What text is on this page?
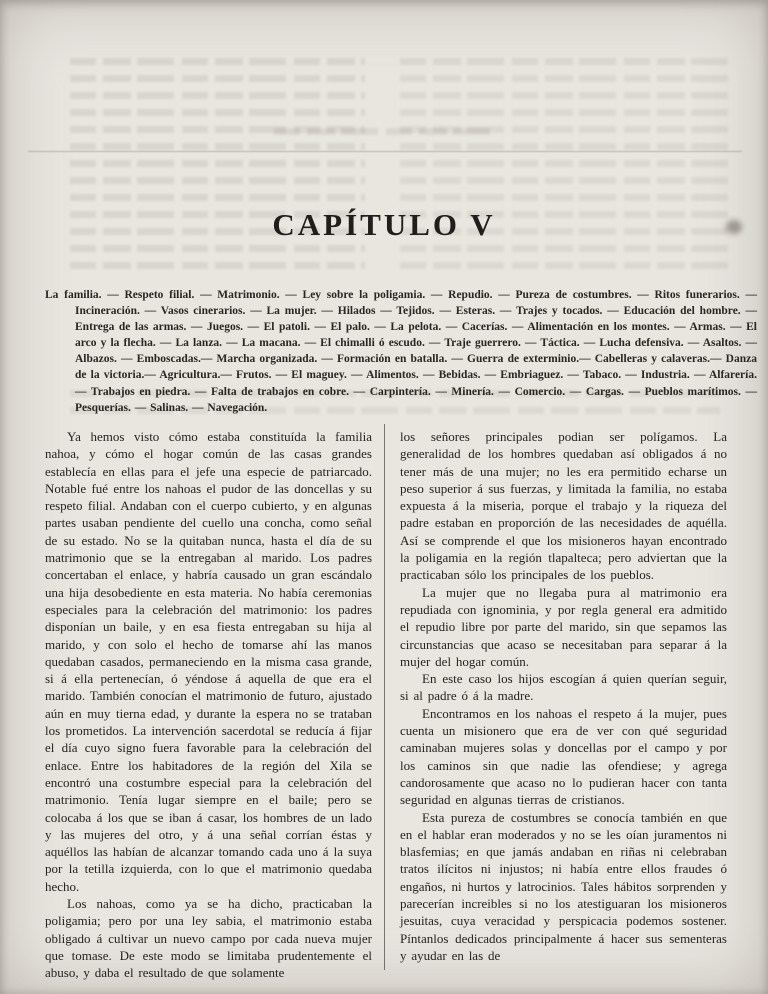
CAPÍTULO V

La familia. — Respeto filial. — Matrimonio. — Ley sobre la poligamia. — Repudio. — Pureza de costumbres. — Ritos funerarios. — Incineración. — Vasos cinerarios. — La mujer. — Hilados — Tejidos. — Esteras. — Trajes y tocados. — Educación del hombre. — Entrega de las armas. — Juegos. — El patoli. — El palo. — La pelota. — Cacerías. — Alimentación en los montes. — Armas. — El arco y la flecha. — La lanza. — La macana. — El chimalli ó escudo. — Traje guerrero. — Táctica. — Lucha defensiva. — Asaltos. — Albazos. — Emboscadas.— Marcha organizada. — Formación en batalla. — Guerra de exterminio.— Cabelleras y calaveras.— Danza de la victoria.— Agricultura.— Frutos. — El maguey. — Alimentos. — Bebidas. — Embriaguez. — Tabaco. — Industria. — Alfarería. — Trabajos en piedra. — Falta de trabajos en cobre. — Carpintería. — Minería. — Comercio. — Cargas. — Pueblos marítimos. — Pesquerías. — Salinas. — Navegación.

Ya hemos visto cómo estaba constituída la familia nahoa, y cómo el hogar común de las casas grandes establecía en ellas para el jefe una especie de patriarcado. Notable fué entre los nahoas el pudor de las doncellas y su respeto filial. Andaban con el cuerpo cubierto, y en algunas partes usaban pendiente del cuello una concha, como señal de su estado. No se la quitaban nunca, hasta el día de su matrimonio que se la entregaban al marido. Los padres concertaban el enlace, y habría causado un gran escándalo una hija desobediente en esta materia. No había ceremonias especiales para la celebración del matrimonio: los padres disponían un baile, y en esa fiesta entregaban su hija al marido, y con solo el hecho de tomarse ahí las manos quedaban casados, permaneciendo en la misma casa grande, si á ella pertenecían, ó yéndose á aquella de que era el marido. También conocían el matrimonio de futuro, ajustado aún en muy tierna edad, y durante la espera no se trataban los prometidos. La intervención sacerdotal se reducía á fijar el día cuyo signo fuera favorable para la celebración del enlace. Entre los habitadores de la región del Xila se encontró una costumbre especial para la celebración del matrimonio. Tenía lugar siempre en el baile; pero se colocaba á los que se iban á casar, los hombres de un lado y las mujeres del otro, y á una señal corrían éstas y aquéllos las habían de alcanzar tomando cada uno á la suya por la tetilla izquierda, con lo que el matrimonio quedaba hecho.

Los nahoas, como ya se ha dicho, practicaban la poligamia; pero por una ley sabia, el matrimonio estaba obligado á cultivar un nuevo campo por cada nueva mujer que tomase. De este modo se limitaba prudentemente el abuso, y daba el resultado de que solamente

los señores principales podian ser polígamos. La generalidad de los hombres quedaban así obligados á no tener más de una mujer; no les era permitido echarse un peso superior á sus fuerzas, y limitada la familia, no estaba expuesta á la miseria, porque el trabajo y la riqueza del padre estaban en proporción de las necesidades de aquélla. Así se comprende el que los misioneros hayan encontrado la poligamia en la región tlapalteca; pero adviertan que la practicaban sólo los principales de los pueblos.

La mujer que no llegaba pura al matrimonio era repudiada con ignominia, y por regla general era admitido el repudio libre por parte del marido, sin que sepamos las circunstancias que acaso se necesitaban para separar á la mujer del hogar común.

En este caso los hijos escogían á quien querían seguir, si al padre ó á la madre.

Encontramos en los nahoas el respeto á la mujer, pues cuenta un misionero que era de ver con qué seguridad caminaban mujeres solas y doncellas por el campo y por los caminos sin que nadie las ofendiese; y agrega candorosamente que acaso no lo pudieran hacer con tanta seguridad en algunas tierras de cristianos.

Esta pureza de costumbres se conocía también en que en el hablar eran moderados y no se les oían juramentos ni blasfemias; en que jamás andaban en riñas ni celebraban tratos ilícitos ni injustos; ni había entre ellos fraudes ó engaños, ni hurtos y latrocinios. Tales hábitos sorprenden y parecerían increibles si no los atestiguaran los misioneros jesuitas, cuya veracidad y perspicacia podemos sostener. Píntanlos dedicados principalmente á hacer sus sementeras y ayudar en las de
